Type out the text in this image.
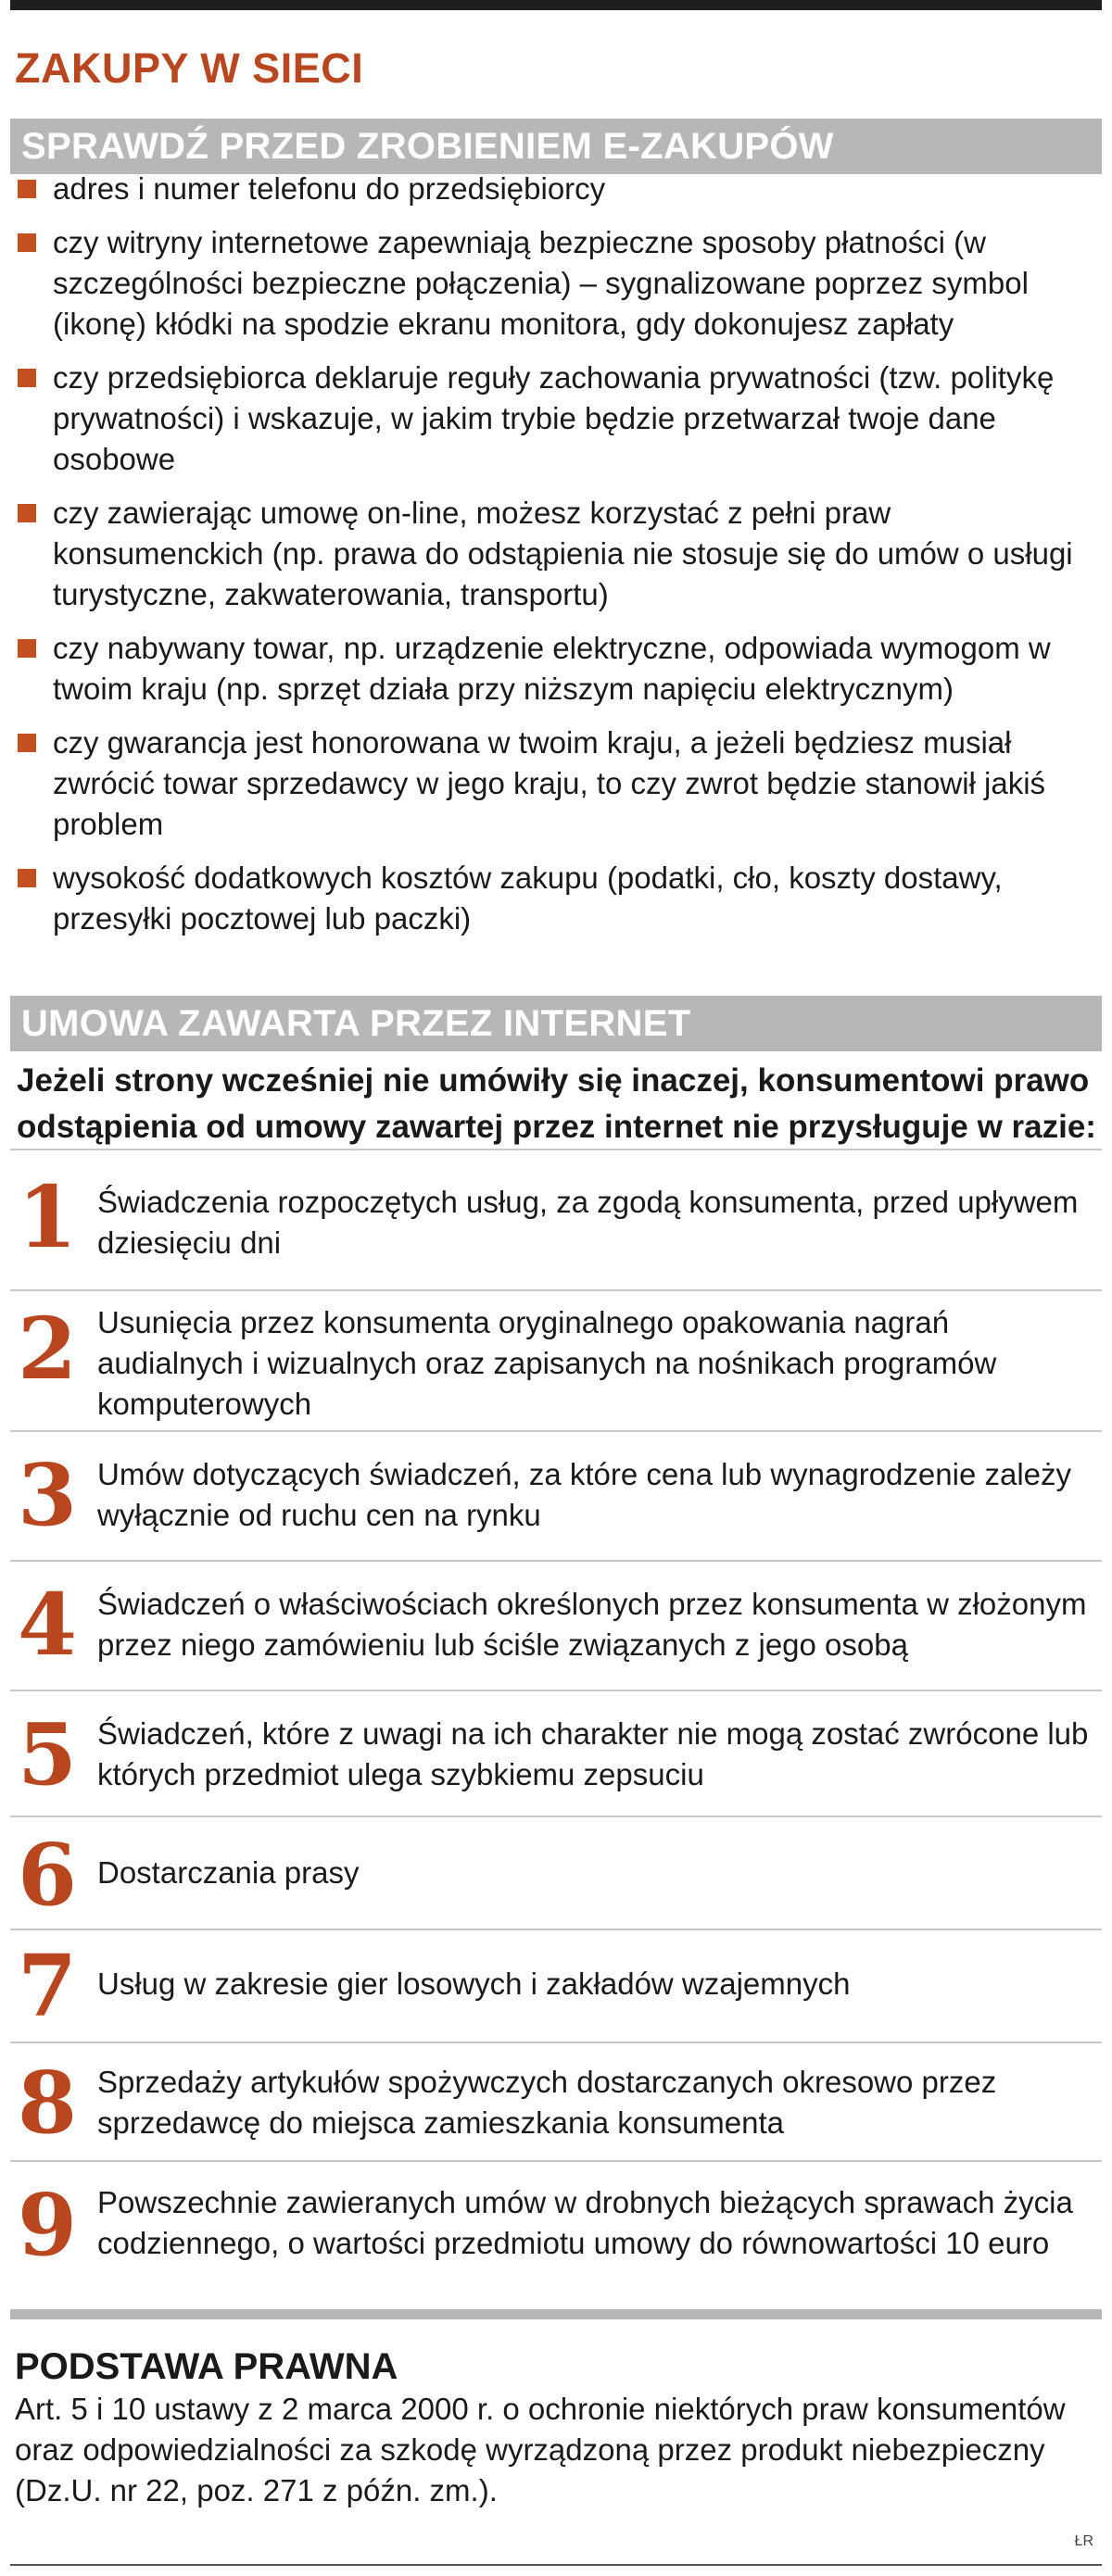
ZAKUPY W SIECI
SPRAWDŹ PRZED ZROBIENIEM E-ZAKUPÓW
adres i numer telefonu do przedsiębiorcy
czy witryny internetowe zapewniają bezpieczne sposoby płatności (w szczególności bezpieczne połączenia) – sygnalizowane poprzez symbol (ikonę) kłódki na spodzie ekranu monitora, gdy dokonujesz zapłaty
czy przedsiębiorca deklaruje reguły zachowania prywatności (tzw. politykę prywatności) i wskazuje, w jakim trybie będzie przetwarzał twoje dane osobowe
czy zawierając umowę on-line, możesz korzystać z pełni praw konsumenckich (np. prawa do odstąpienia nie stosuje się do umów o usługi turystyczne, zakwaterowania, transportu)
czy nabywany towar, np. urządzenie elektryczne, odpowiada wymogom w twoim kraju (np. sprzęt działa przy niższym napięciu elektrycznym)
czy gwarancja jest honorowana w twoim kraju, a jeżeli będziesz musiał zwrócić towar sprzedawcy w jego kraju, to czy zwrot będzie stanowił jakiś problem
wysokość dodatkowych kosztów zakupu (podatki, cło, koszty dostawy, przesyłki pocztowej lub paczki)
UMOWA ZAWARTA PRZEZ INTERNET

Jeżeli strony wcześniej nie umówiły się inaczej, konsumentowi prawo odstąpienia od umowy zawartej przez internet nie przysługuje w razie:

1 Świadczenia rozpoczętych usług, za zgodą konsumenta, przed upływem dziesięciu dni
2 Usunięcia przez konsumenta oryginalnego opakowania nagrań audialnych i wizualnych oraz zapisanych na nośnikach programów komputerowych
3 Umów dotyczących świadczeń, za które cena lub wynagrodzenie zależy wyłącznie od ruchu cen na rynku
4 Świadczeń o właściwościach określonych przez konsumenta w złożonym przez niego zamówieniu lub ściśle związanych z jego osobą
5 Świadczeń, które z uwagi na ich charakter nie mogą zostać zwrócone lub których przedmiot ulega szybkiemu zepsuciu
6 Dostarczania prasy
7 Usług w zakresie gier losowych i zakładów wzajemnych
8 Sprzedaży artykułów spożywczych dostarczanych okresowo przez sprzedawcę do miejsca zamieszkania konsumenta
9 Powszechnie zawieranych umów w drobnych bieżących sprawach życia codziennego, o wartości przedmiotu umowy do równowartości 10 euro
PODSTAWA PRAWNA

Art. 5 i 10 ustawy z 2 marca 2000 r. o ochronie niektórych praw konsumentów oraz odpowiedzialności za szkodę wyrządzoną przez produkt niebezpieczny (Dz.U. nr 22, poz. 271 z późn. zm.).

ŁR
